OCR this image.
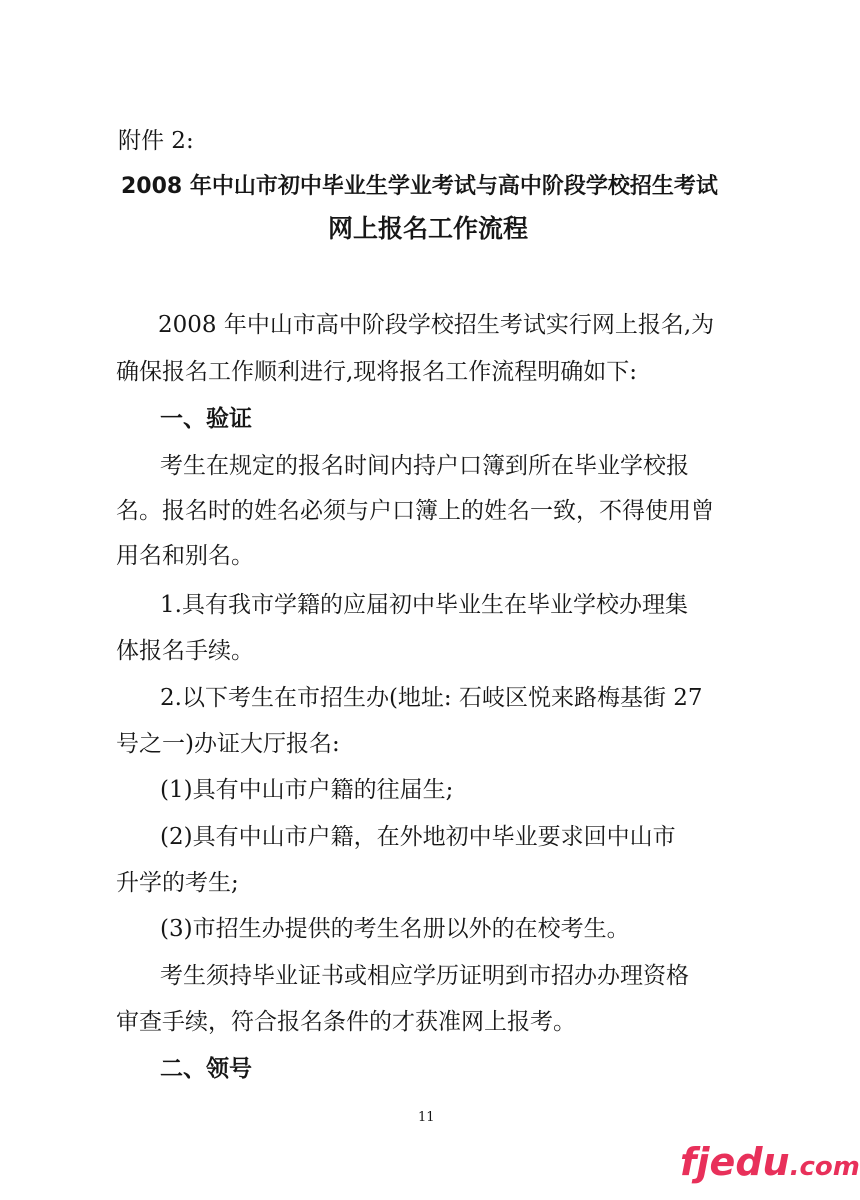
附件 2:
2008 年中山市初中毕业生学业考试与高中阶段学校招生考试
网上报名工作流程
2008 年中山市高中阶段学校招生考试实行网上报名,为
确保报名工作顺利进行,现将报名工作流程明确如下:
一、验证
考生在规定的报名时间内持户口簿到所在毕业学校报
名。报名时的姓名必须与户口簿上的姓名一致，不得使用曾
用名和别名。
1.具有我市学籍的应届初中毕业生在毕业学校办理集
体报名手续。
2.以下考生在市招生办(地址: 石岐区悦来路梅基街 27
号之一)办证大厅报名:
(1)具有中山市户籍的往届生;
(2)具有中山市户籍，在外地初中毕业要求回中山市
升学的考生;
(3)市招生办提供的考生名册以外的在校考生。
考生须持毕业证书或相应学历证明到市招办办理资格
审查手续，符合报名条件的才获准网上报考。
二、领号
11
fjedu.com
